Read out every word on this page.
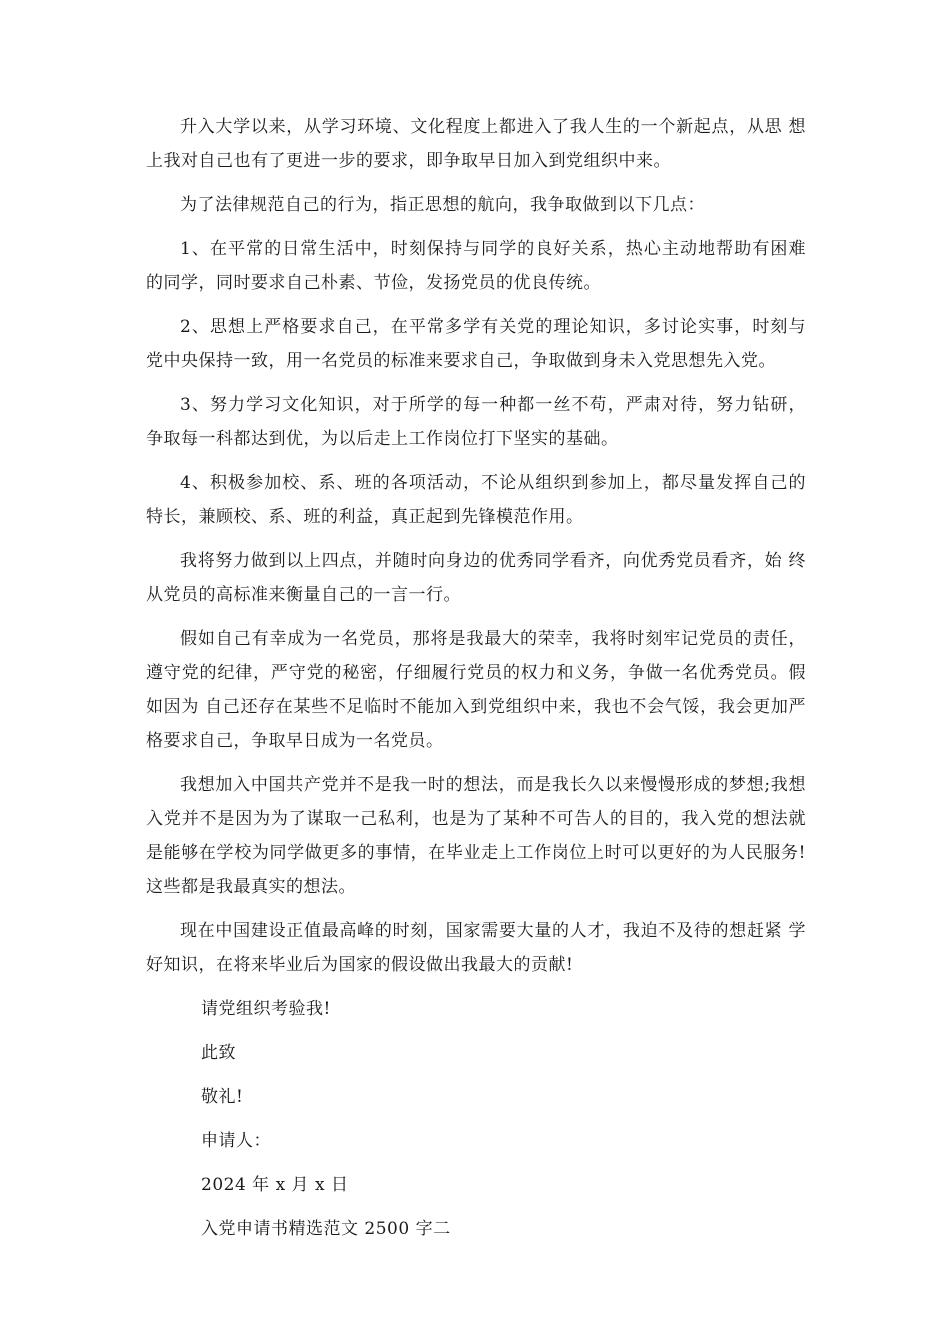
升入大学以来，从学习环境、文化程度上都进入了我人生的一个新起点，从思 想上我对自己也有了更进一步的要求，即争取早日加入到党组织中来。

为了法律规范自己的行为，指正思想的航向，我争取做到以下几点：

1、在平常的日常生活中，时刻保持与同学的良好关系，热心主动地帮助有困难 的同学，同时要求自己朴素、节俭，发扬党员的优良传统。

2、思想上严格要求自己，在平常多学有关党的理论知识，多讨论实事，时刻与 党中央保持一致，用一名党员的标准来要求自己，争取做到身未入党思想先入党。

3、努力学习文化知识，对于所学的每一种都一丝不苟，严肃对待，努力钻研， 争取每一科都达到优，为以后走上工作岗位打下坚实的基础。

4、积极参加校、系、班的各项活动，不论从组织到参加上，都尽量发挥自己的 特长，兼顾校、系、班的利益，真正起到先锋模范作用。

我将努力做到以上四点，并随时向身边的优秀同学看齐，向优秀党员看齐，始 终从党员的高标准来衡量自己的一言一行。

假如自己有幸成为一名党员，那将是我最大的荣幸，我将时刻牢记党员的责任， 遵守党的纪律，严守党的秘密，仔细履行党员的权力和义务，争做一名优秀党员。假如因为 自己还存在某些不足临时不能加入到党组织中来，我也不会气馁，我会更加严格要求自己，争取早日成为一名党员。

我想加入中国共产党并不是我一时的想法，而是我长久以来慢慢形成的梦想;我想入党并不是因为为了谋取一己私利，也是为了某种不可告人的目的，我入党的想法就是能够在学校为同学做更多的事情，在毕业走上工作岗位上时可以更好的为人民服务!这些都是我最真实的想法。

现在中国建设正值最高峰的时刻，国家需要大量的人才，我迫不及待的想赶紧 学好知识，在将来毕业后为国家的假设做出我最大的贡献!

请党组织考验我!
此致
敬礼!
申请人：
2024 年 x 月 x 日
入党申请书精选范文 2500 字二
